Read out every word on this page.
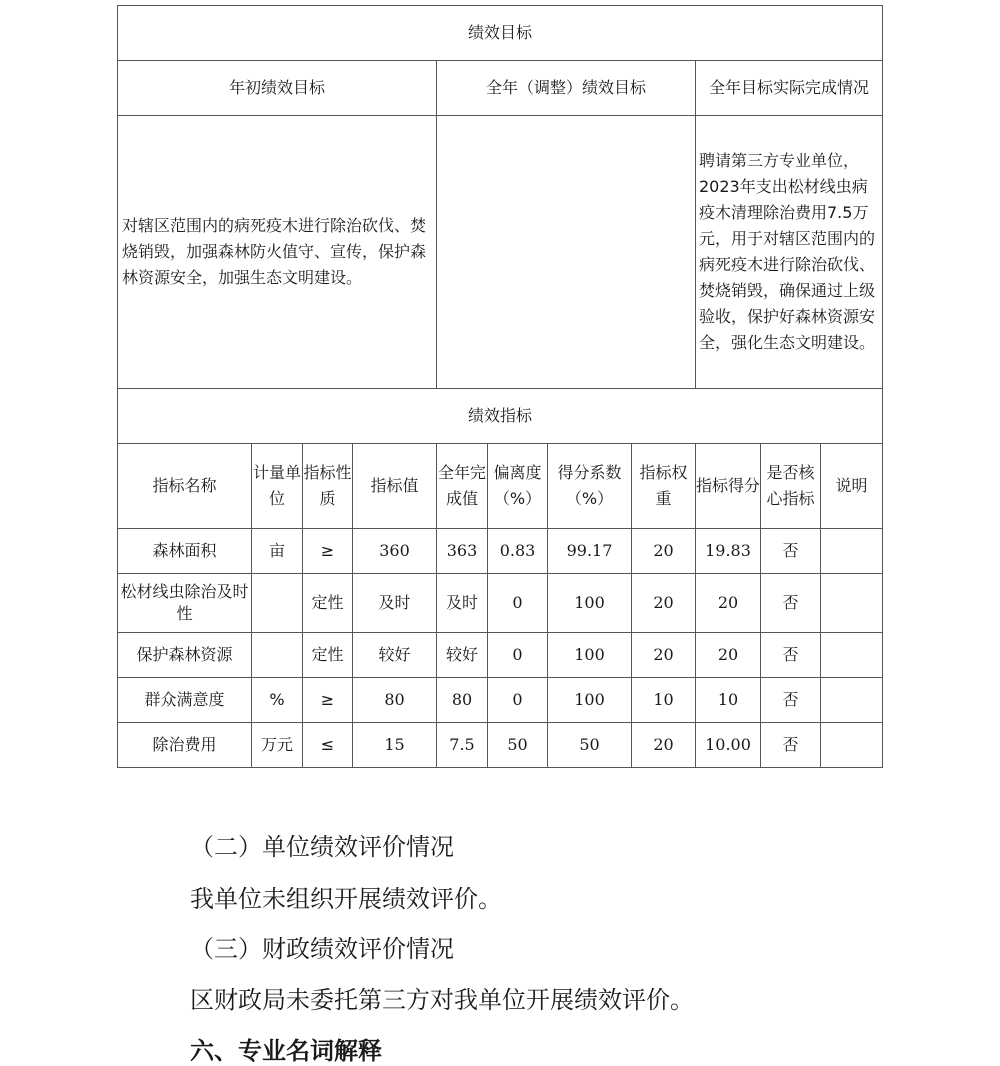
绩效目标										
年初绩效目标				全年（调整）绩效目标				全年目标实际完成情况		
对辖区范围内的病死疫木进行除治砍伐、焚烧销毁，加强森林防火值守、宣传，保护森林资源安全，加强生态文明建设。								聘请第三方专业单位，2023年支出松材线虫病疫木清理除治费用7.5万元，用于对辖区范围内的病死疫木进行除治砍伐、焚烧销毁，确保通过上级验收，保护好森林资源安全，强化生态文明建设。		
绩效指标										
指标名称	计量单位	指标性质	指标值	全年完成值	偏离度（%）	得分系数（%）	指标权重	指标得分	是否核心指标	说明
森林面积	亩	≥	360	363	0.83	99.17	20	19.83	否	
松材线虫除治及时性		定性	及时	及时	0	100	20	20	否	
保护森林资源		定性	较好	较好	0	100	20	20	否	
群众满意度	%	≥	80	80	0	100	10	10	否	
除治费用	万元	≤	15	7.5	50	50	20	10.00	否	
（二）单位绩效评价情况
我单位未组织开展绩效评价。
（三）财政绩效评价情况
区财政局未委托第三方对我单位开展绩效评价。
六、专业名词解释
